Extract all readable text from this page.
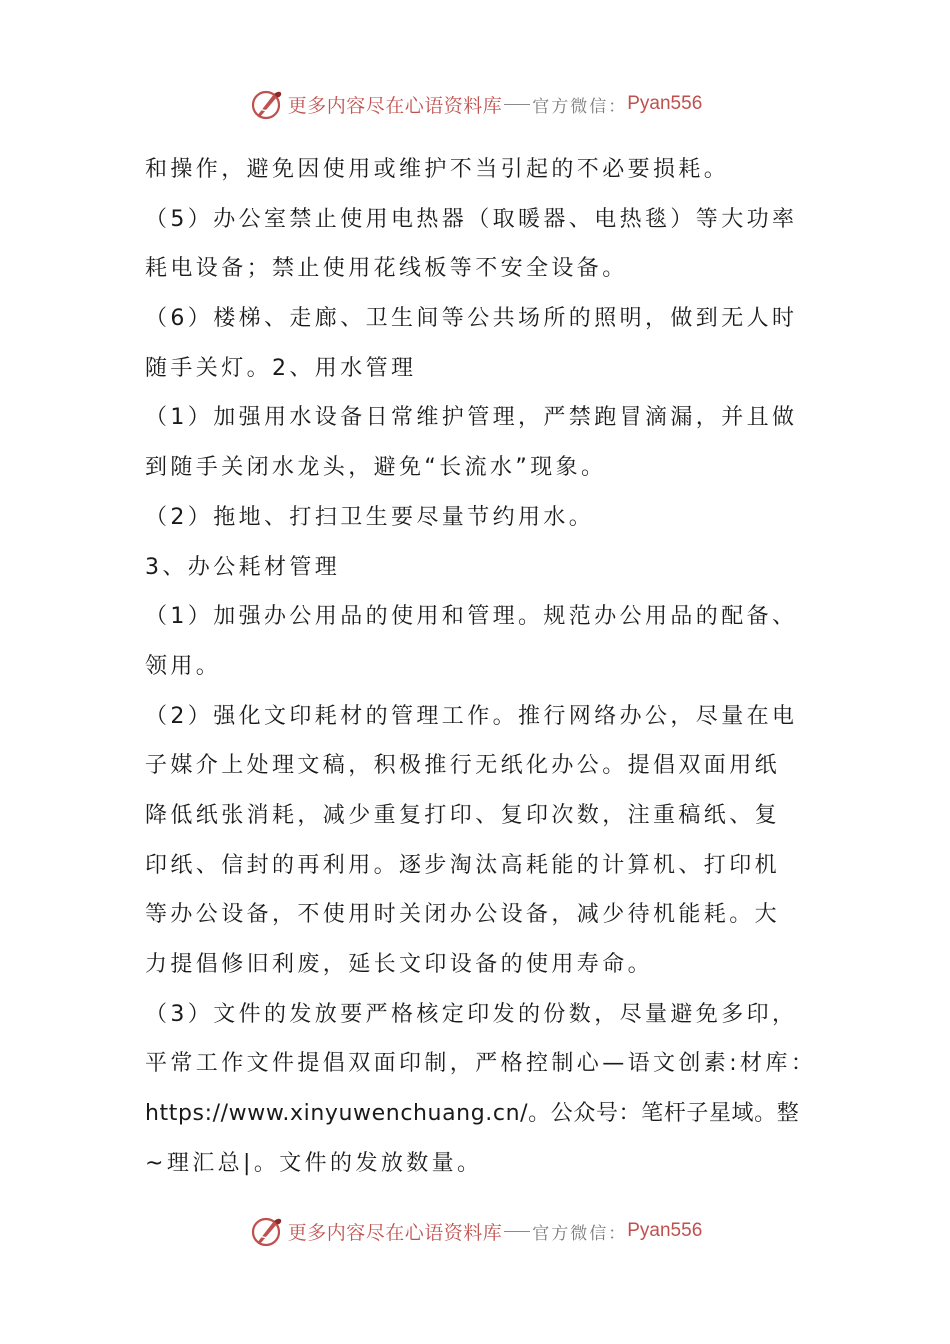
更多内容尽在心语资料库 官方微信： Pyan556
和操作，避免因使用或维护不当引起的不必要损耗。
（5）办公室禁止使用电热器（取暖器、电热毯）等大功率
耗电设备；禁止使用花线板等不安全设备。
（6）楼梯、走廊、卫生间等公共场所的照明，做到无人时
随手关灯。2、用水管理
（1）加强用水设备日常维护管理，严禁跑冒滴漏，并且做
到随手关闭水龙头，避免“长流水”现象。
（2）拖地、打扫卫生要尽量节约用水。
3、办公耗材管理
（1）加强办公用品的使用和管理。规范办公用品的配备、
领用。
（2）强化文印耗材的管理工作。推行网络办公，尽量在电
子媒介上处理文稿，积极推行无纸化办公。提倡双面用纸
降低纸张消耗，减少重复打印、复印次数，注重稿纸、复
印纸、信封的再利用。逐步淘汰高耗能的计算机、打印机
等办公设备，不使用时关闭办公设备，减少待机能耗。大
力提倡修旧利废，延长文印设备的使用寿命。
（3）文件的发放要严格核定印发的份数，尽量避免多印，
平常工作文件提倡双面印制，严格控制心—语文创素:材库：
https://www.xinyuwenchuang.cn/。公众号：笔杆子星域。整
~理汇总|。文件的发放数量。
更多内容尽在心语资料库 官方微信： Pyan556
